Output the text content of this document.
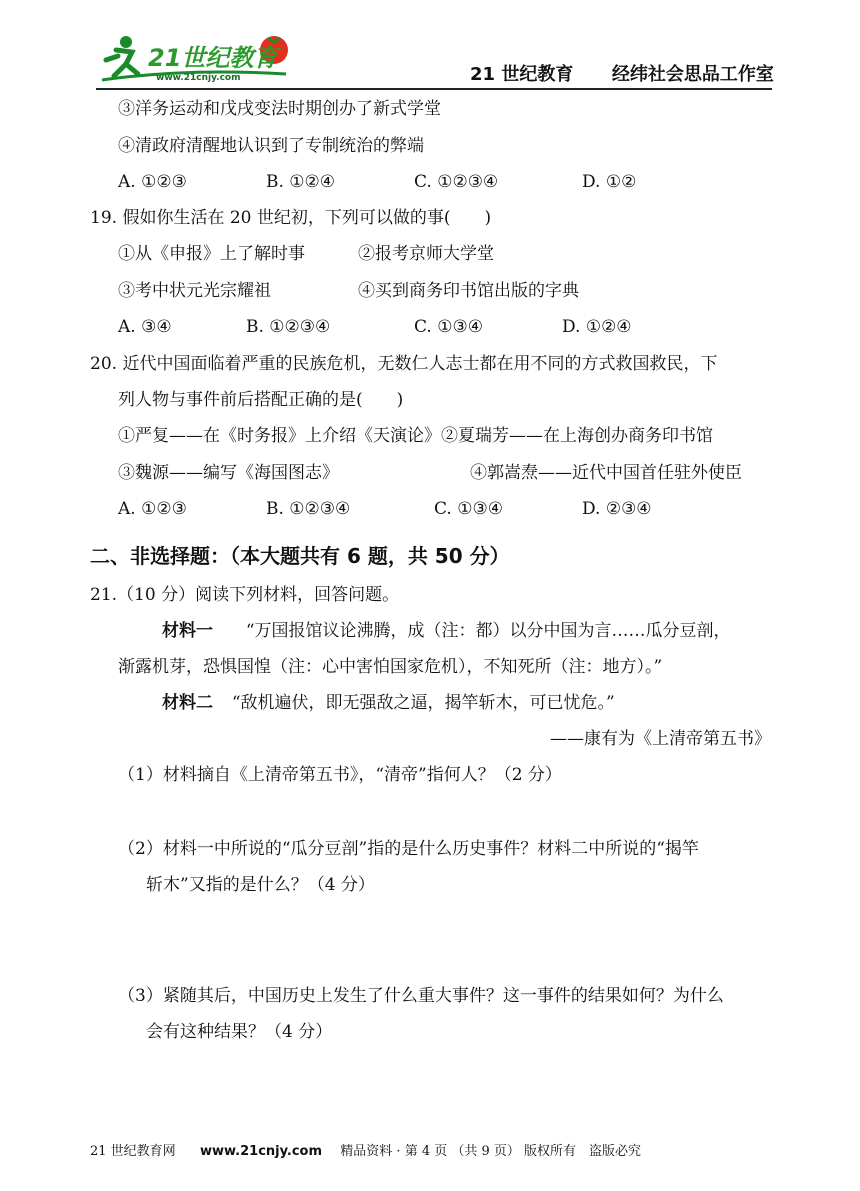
21世纪教育
www.21cnjy.com	21 世纪教育 经纬社会思品工作室
③洋务运动和戊戌变法时期创办了新式学堂
④清政府清醒地认识到了专制统治的弊端
A. ①②③	B. ①②④	C. ①②③④	D. ①②
19. 假如你生活在 20 世纪初，下列可以做的事(　　)
①从《申报》上了解时事	②报考京师大学堂
③考中状元光宗耀祖	④买到商务印书馆出版的字典
A. ③④	B. ①②③④	C. ①③④	D. ①②④
20. 近代中国面临着严重的民族危机，无数仁人志士都在用不同的方式救国救民，下
列人物与事件前后搭配正确的是(　　)
①严复——在《时务报》上介绍《天演论》②夏瑞芳——在上海创办商务印书馆
③魏源——编写《海国图志》	④郭嵩焘——近代中国首任驻外使臣
A. ①②③	B. ①②③④	C. ①③④	D. ②③④
二、非选择题：（本大题共有 6 题，共 50 分）
21.（10 分）阅读下列材料，回答问题。
材料一 “万国报馆议论沸腾，成（注：都）以分中国为言……瓜分豆剖，
渐露机芽，恐惧国惶（注：心中害怕国家危机），不知死所（注：地方）。”
材料二 “敌机遍伏，即无强敌之逼，揭竿斩木，可已忧危。”
——康有为《上清帝第五书》
（1）材料摘自《上清帝第五书》，“清帝”指何人？（2 分）
（2）材料一中所说的“瓜分豆剖”指的是什么历史事件？材料二中所说的“揭竿
斩木”又指的是什么？（4 分）
（3）紧随其后，中国历史上发生了什么重大事件？这一事件的结果如何？为什么
会有这种结果？（4 分）
21 世纪教育网 www.21cnjy.com 精品资料 · 第 4 页 （共 9 页） 版权所有　盗版必究
